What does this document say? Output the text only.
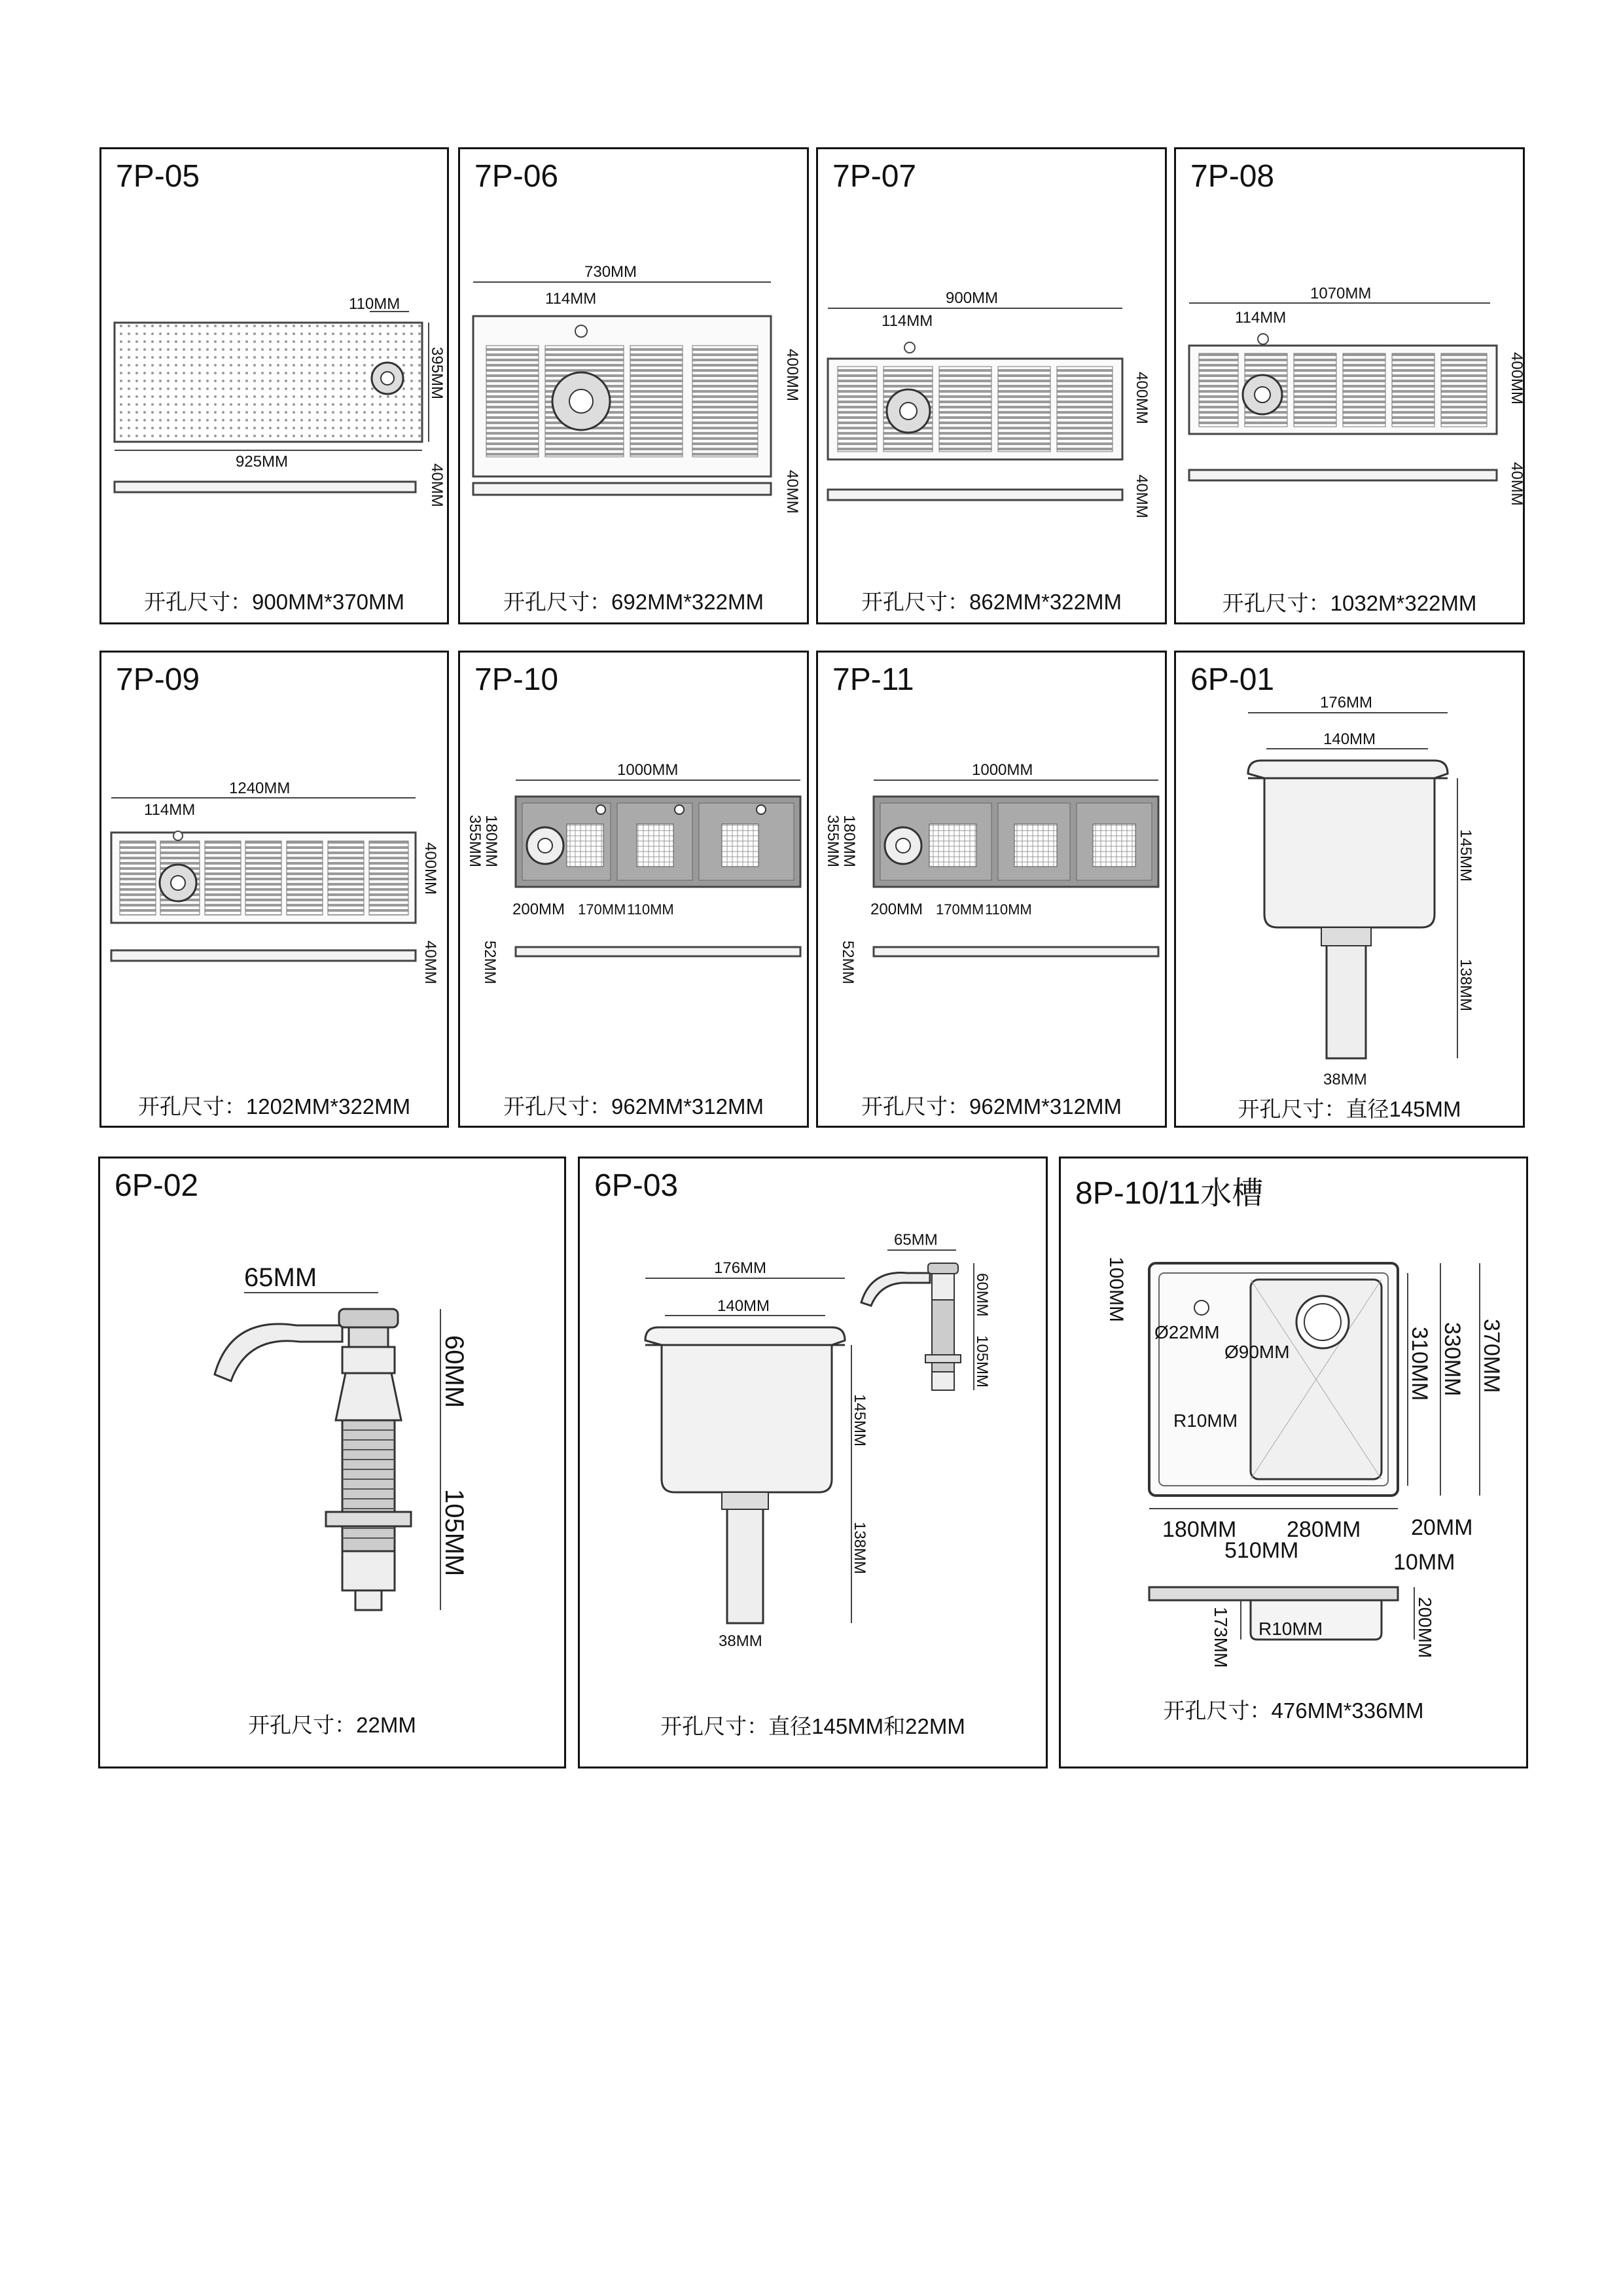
7P-05
110MM
395MM
925MM
40MM
开孔尺寸：900MM*370MM
7P-06
730MM
114MM
400MM
40MM
开孔尺寸：692MM*322MM
7P-07
900MM
114MM
400MM
40MM
开孔尺寸：862MM*322MM
7P-08
1070MM
114MM
400MM
40MM
开孔尺寸：1032M*322MM
7P-09
1240MM
114MM
400MM
40MM
开孔尺寸：1202MM*322MM
7P-10
1000MM
180MM
355MM
200MM 170MM 110MM
52MM
开孔尺寸：962MM*312MM
7P-11
1000MM
180MM
355MM
200MM 170MM 110MM
52MM
开孔尺寸：962MM*312MM
6P-01
176MM
140MM
145MM
138MM
38MM
开孔尺寸：直径145MM
6P-02
65MM
60MM
105MM
开孔尺寸：22MM
6P-03
176MM
140MM
145MM
138MM
38MM
65MM
60MM
105MM
开孔尺寸：直径145MM和22MM
8P-10/11水槽
100MM
Ø22MM
Ø90MM
R10MM
310MM 330MM 370MM
180MM 280MM
510MM
20MM
10MM
173MM	200MM
R10MM
开孔尺寸：476MM*336MM
